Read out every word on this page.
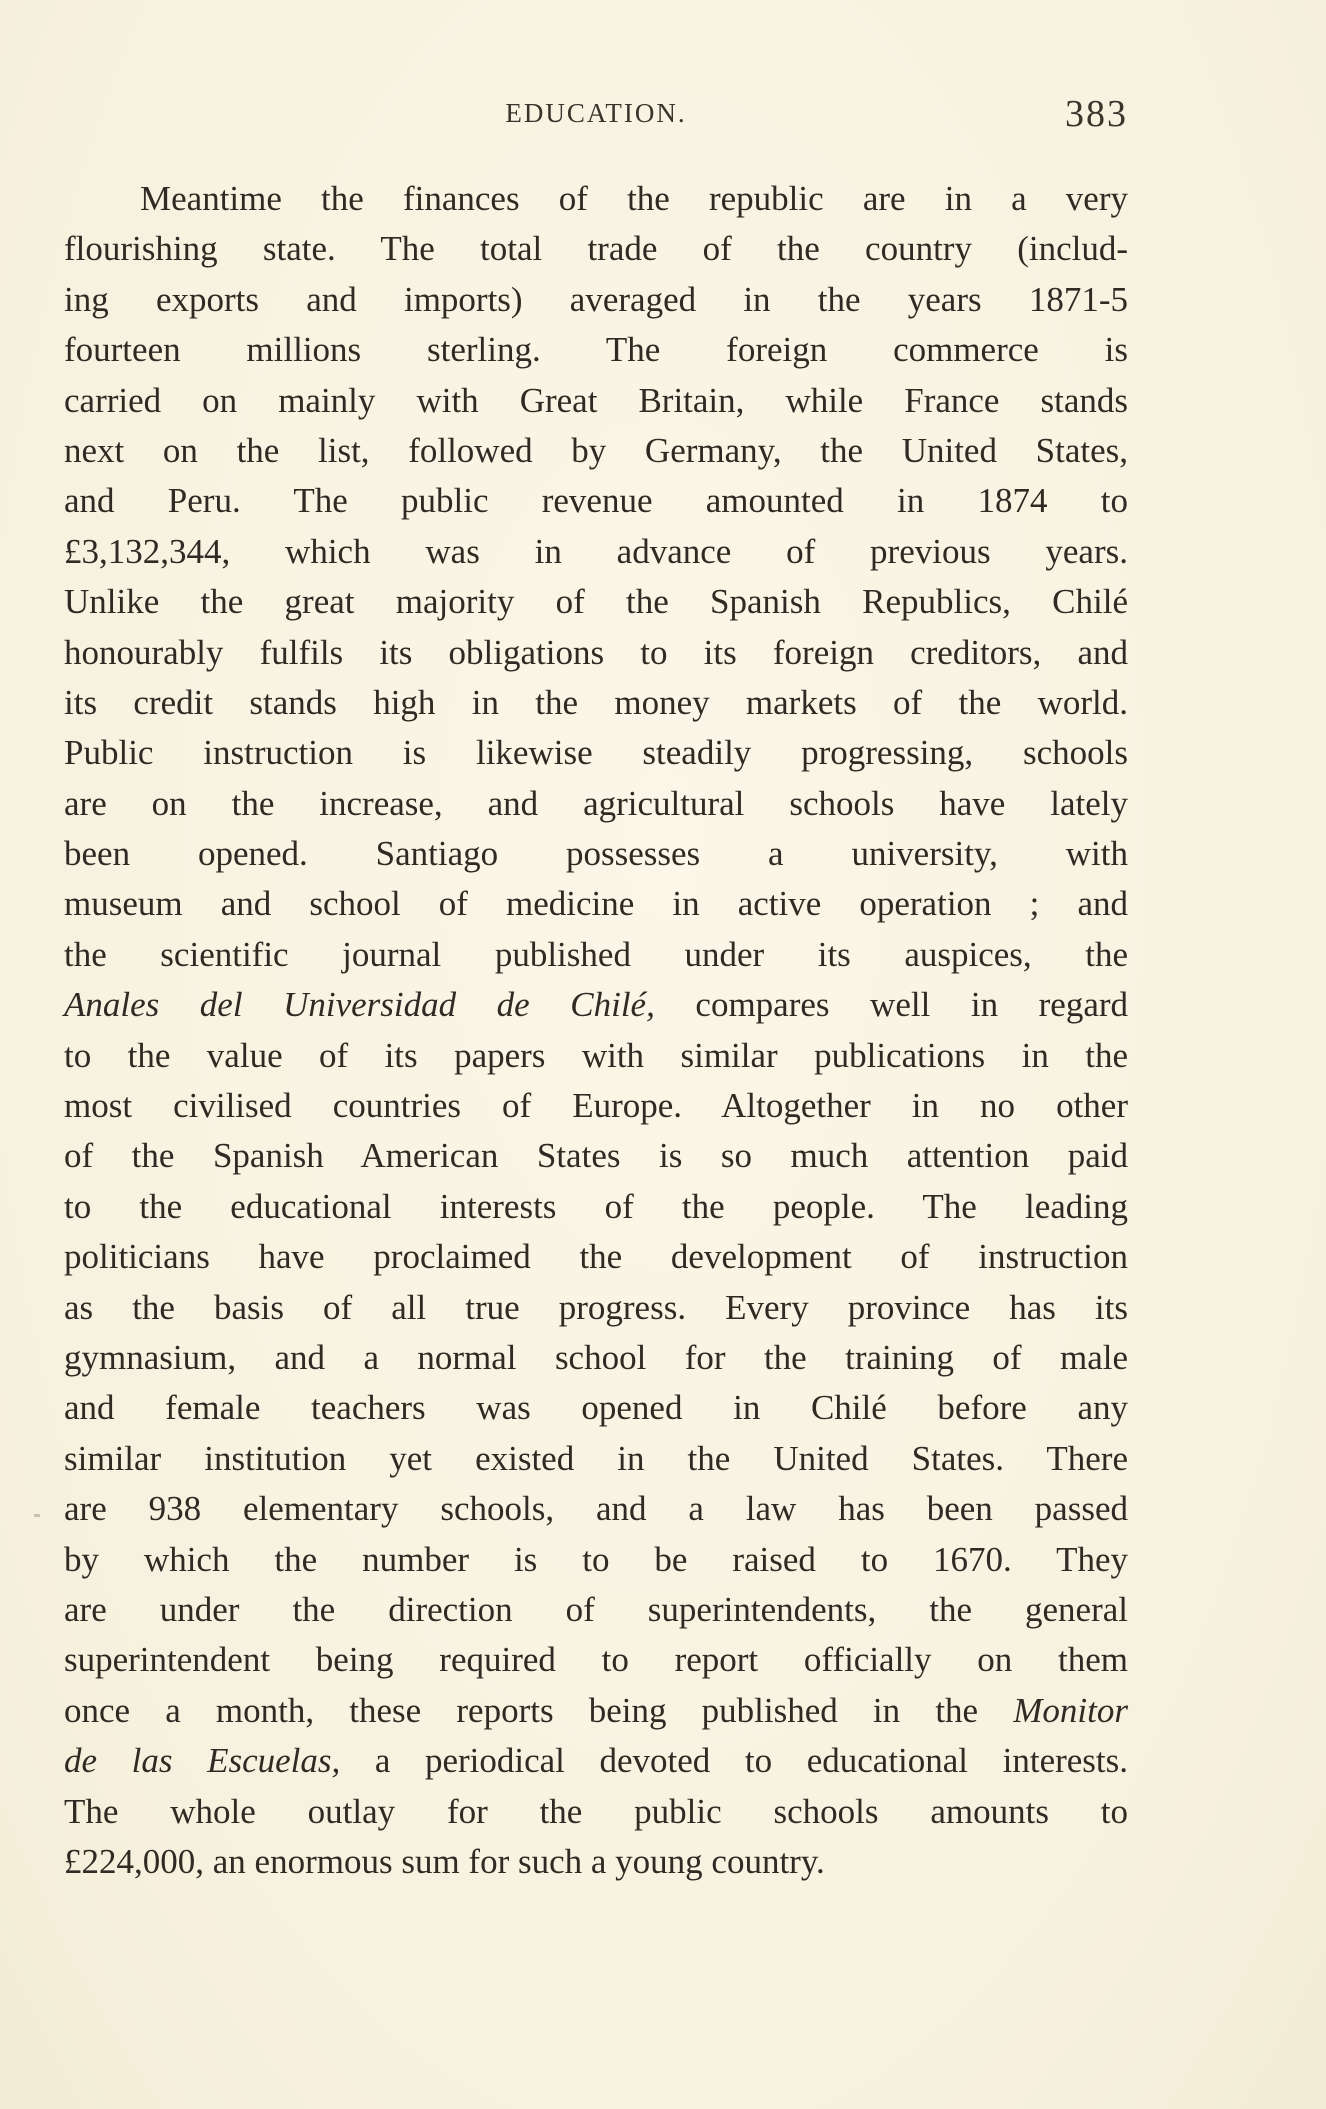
EDUCATION.	383
Meantime the finances of the republic are in a very
flourishing state. The total trade of the country (includ-
ing exports and imports) averaged in the years 1871-5
fourteen millions sterling. The foreign commerce is
carried on mainly with Great Britain, while France stands
next on the list, followed by Germany, the United States,
and Peru. The public revenue amounted in 1874 to
£3,132,344, which was in advance of previous years.
Unlike the great majority of the Spanish Republics, Chilé
honourably fulfils its obligations to its foreign creditors, and
its credit stands high in the money markets of the world.
Public instruction is likewise steadily progressing, schools
are on the increase, and agricultural schools have lately
been opened. Santiago possesses a university, with
museum and school of medicine in active operation ; and
the scientific journal published under its auspices, the
Anales del Universidad de Chilé, compares well in regard
to the value of its papers with similar publications in the
most civilised countries of Europe. Altogether in no other
of the Spanish American States is so much attention paid
to the educational interests of the people. The leading
politicians have proclaimed the development of instruction
as the basis of all true progress. Every province has its
gymnasium, and a normal school for the training of male
and female teachers was opened in Chilé before any
similar institution yet existed in the United States. There
are 938 elementary schools, and a law has been passed
by which the number is to be raised to 1670. They
are under the direction of superintendents, the general
superintendent being required to report officially on them
once a month, these reports being published in the Monitor
de las Escuelas, a periodical devoted to educational interests.
The whole outlay for the public schools amounts to
£224,000, an enormous sum for such a young country.
